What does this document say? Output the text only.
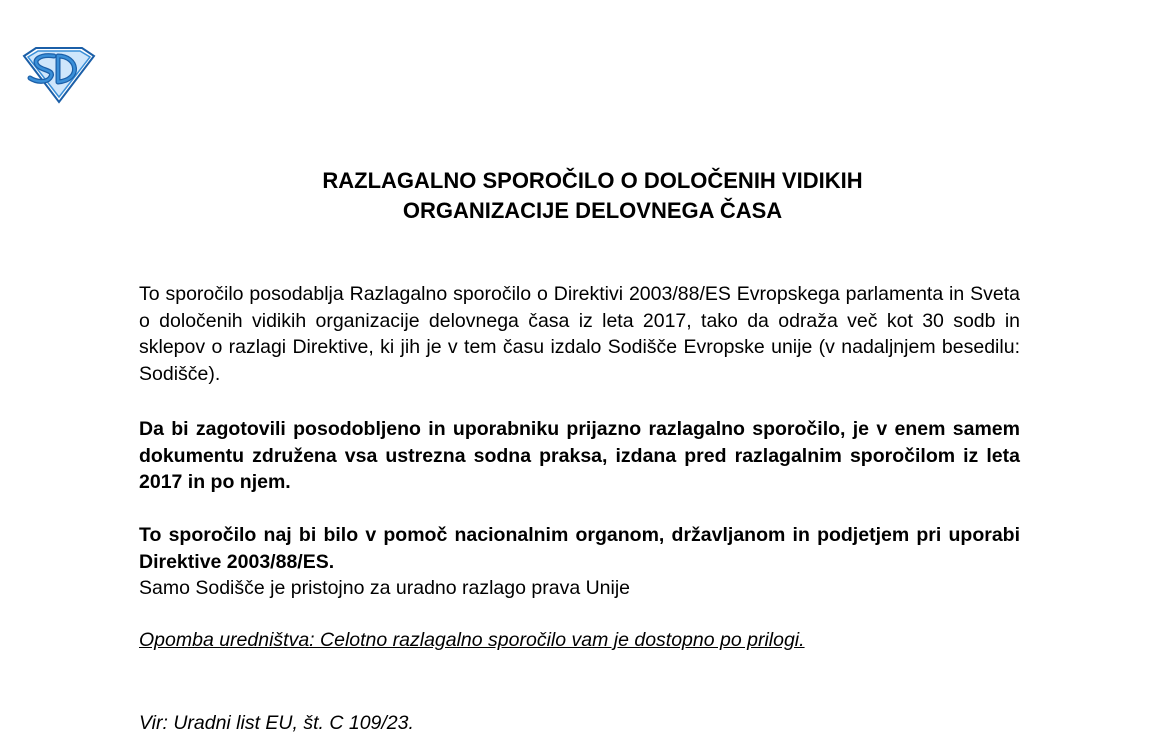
RAZLAGALNO SPOROČILO O DOLOČENIH VIDIKIH
ORGANIZACIJE DELOVNEGA ČASA

To sporočilo posodablja Razlagalno sporočilo o Direktivi 2003/88/ES Evropskega parlamenta in Sveta o določenih vidikih organizacije delovnega časa iz leta 2017, tako da odraža več kot 30 sodb in sklepov o razlagi Direktive, ki jih je v tem času izdalo Sodišče Evropske unije (v nadaljnjem besedilu: Sodišče).

Da bi zagotovili posodobljeno in uporabniku prijazno razlagalno sporočilo, je v enem samem dokumentu združena vsa ustrezna sodna praksa, izdana pred razlagalnim sporočilom iz leta 2017 in po njem.

To sporočilo naj bi bilo v pomoč nacionalnim organom, državljanom in podjetjem pri uporabi Direktive 2003/88/ES.

Samo Sodišče je pristojno za uradno razlago prava Unije

Opomba uredništva: Celotno razlagalno sporočilo vam je dostopno po prilogi.

Vir: Uradni list EU, št. C 109/23.
